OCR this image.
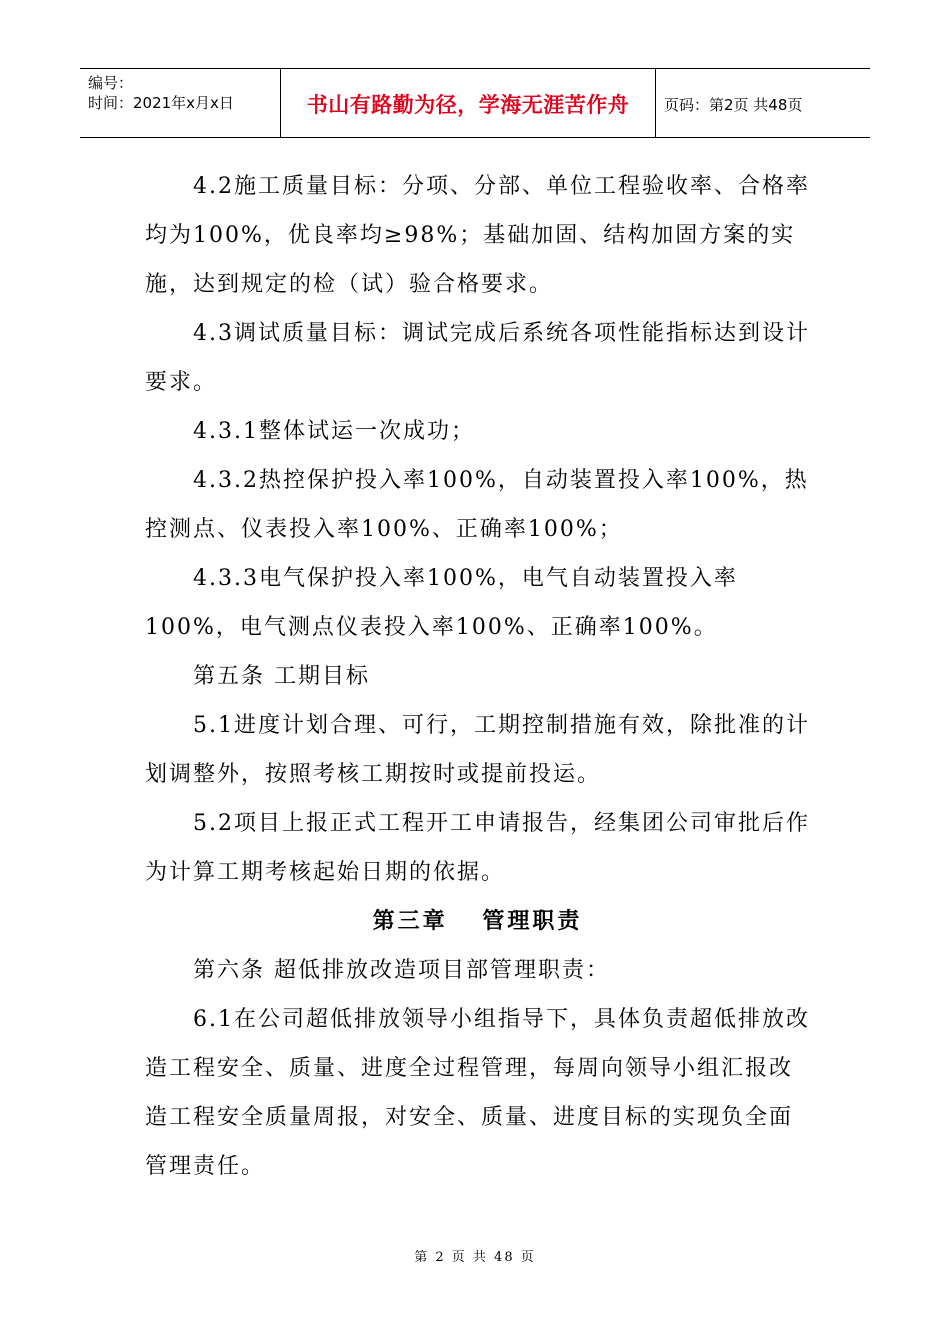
编号：
时间：2021年x月x日	书山有路勤为径，学海无涯苦作舟	页码：第2页 共48页

4.2施工质量目标：分项、分部、单位工程验收率、合格率均为100%，优良率均≥98%；基础加固、结构加固方案的实施，达到规定的检（试）验合格要求。

4.3调试质量目标：调试完成后系统各项性能指标达到设计要求。

4.3.1整体试运一次成功；

4.3.2热控保护投入率100%，自动装置投入率100%，热控测点、仪表投入率100%、正确率100%；

4.3.3电气保护投入率100%，电气自动装置投入率100%，电气测点仪表投入率100%、正确率100%。

第五条 工期目标

5.1进度计划合理、可行，工期控制措施有效，除批准的计划调整外，按照考核工期按时或提前投运。

5.2项目上报正式工程开工申请报告，经集团公司审批后作为计算工期考核起始日期的依据。

第三章 管理职责

第六条 超低排放改造项目部管理职责：

6.1在公司超低排放领导小组指导下，具体负责超低排放改造工程安全、质量、进度全过程管理，每周向领导小组汇报改造工程安全质量周报，对安全、质量、进度目标的实现负全面管理责任。

第 2 页 共 48 页
